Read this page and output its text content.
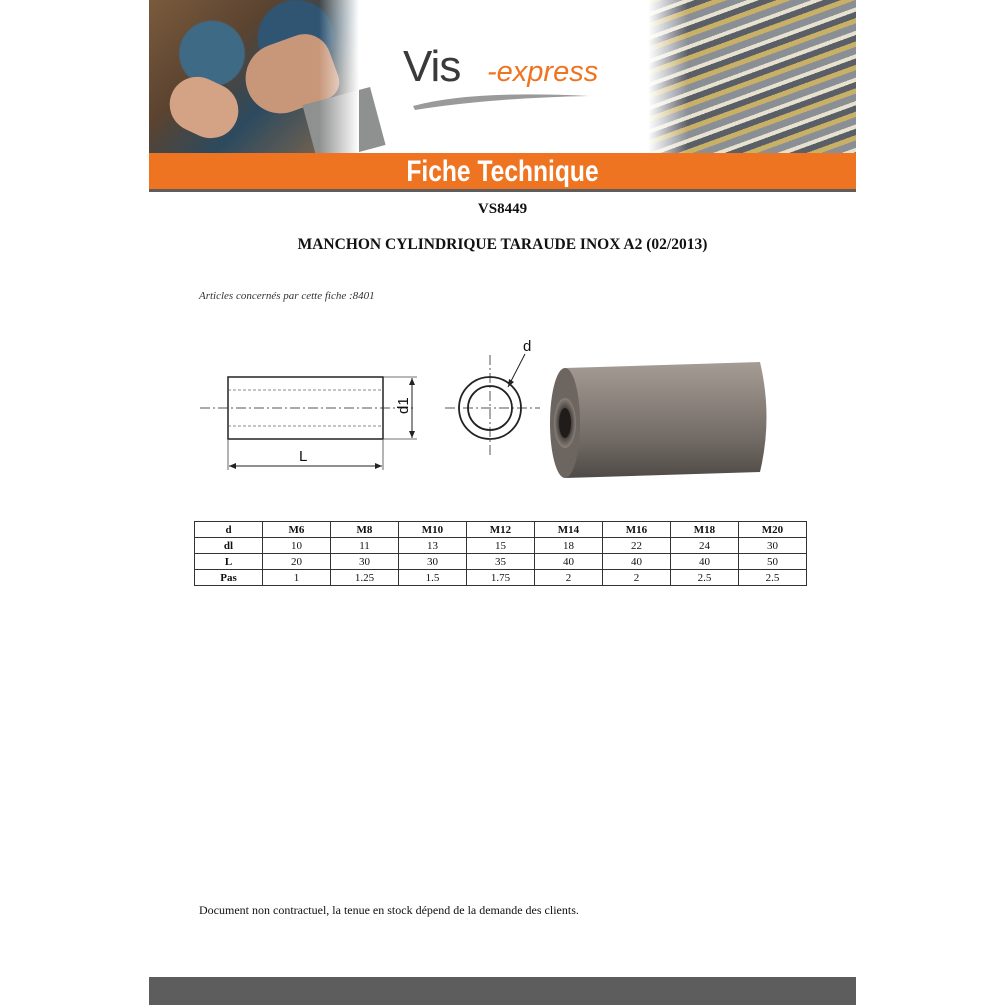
Vis -express
Fiche Technique
VS8449
MANCHON CYLINDRIQUE TARAUDE INOX A2 (02/2013)
Articles concernés par cette fiche :8401
L
d1
d
d	M6	M8	M10	M12	M14	M16	M18	M20
dl	10	11	13	15	18	22	24	30
L	20	30	30	35	40	40	40	50
Pas	1	1.25	1.5	1.75	2	2	2.5	2.5
Document non contractuel, la tenue en stock dépend de la demande des clients.
